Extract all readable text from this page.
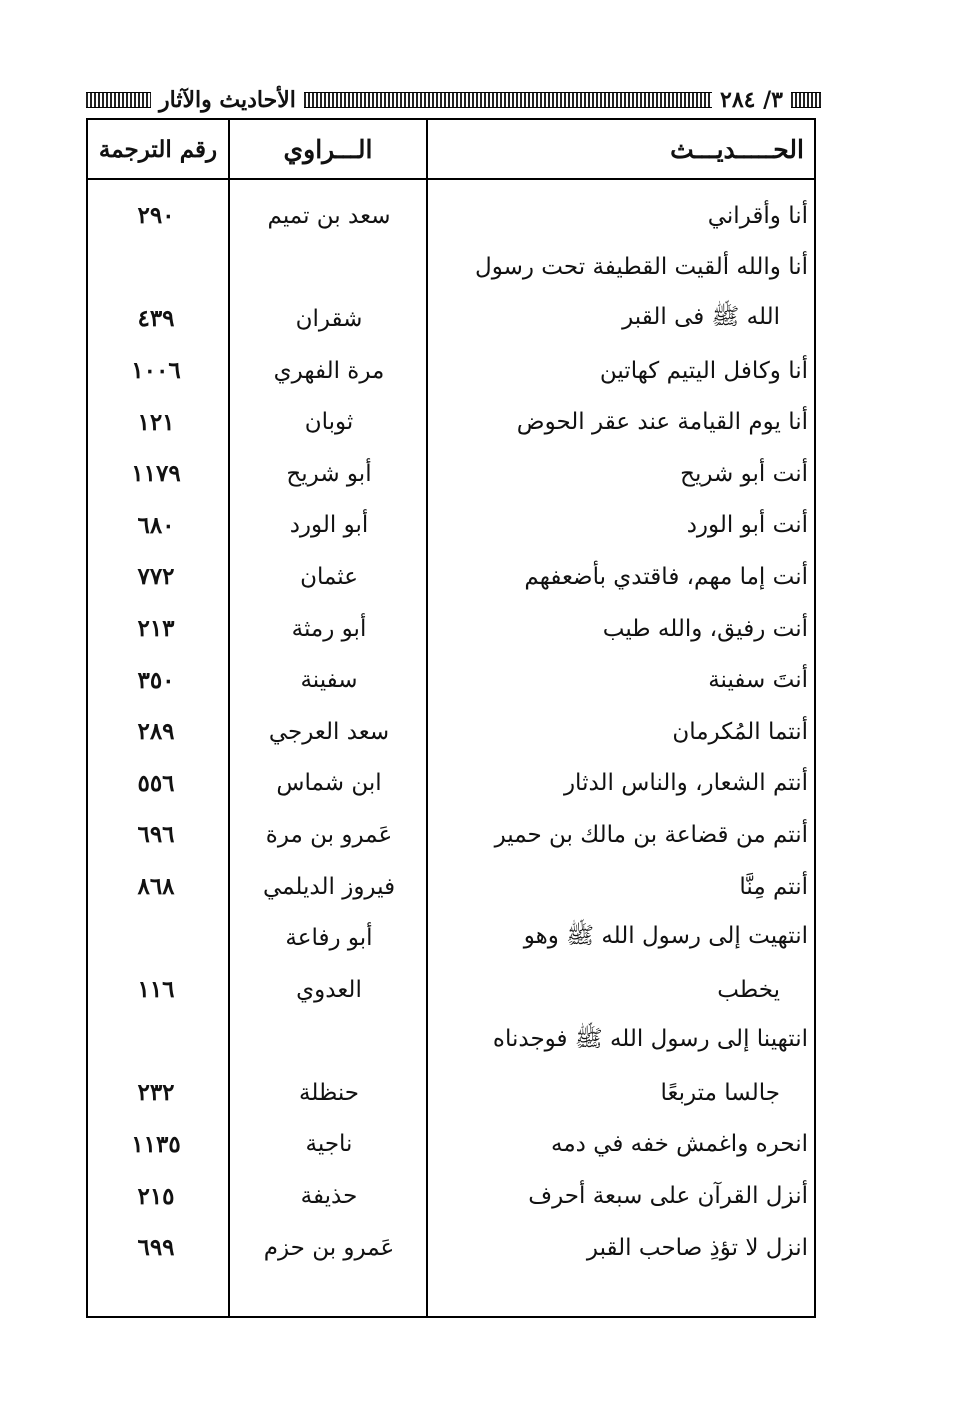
٣/ ٢٨٤
الأحاديث والآثار
الحـــــديـــث
الـــراوي
رقم الترجمة
أنا وأقراني
سعد بن تميم
٢٩٠
أنا والله ألقيت القطيفة تحت رسول
الله ﷺ فى القبر
شقران
٤٣٩
أنا وكافل اليتيم كهاتين
مرة الفهري
١٠٠٦
أنا يوم القيامة عند عقر الحوض
ثوبان
١٢١
أنت أبو شريح
أبو شريح
١١٧٩
أنت أبو الورد
أبو الورد
٦٨٠
أنت إما مهم، فاقتدي بأضعفهم
عثمان
٧٧٢
أنت رفيق، والله طيب
أبو رمثة
٢١٣
أنتَ سفينة
سفينة
٣٥٠
أنتما المُكرمان
سعد العرجي
٢٨٩
أنتم الشعار، والناس الدثار
ابن شماس
٥٥٦
أنتم من قضاعة بن مالك بن حمير
عَمرو بن مرة
٦٩٦
أنتم مِنَّا
فيروز الديلمي
٨٦٨
انتهيت إلى رسول الله ﷺ وهو
أبو رفاعة
يخطب
العدوي
١١٦
انتهينا إلى رسول الله ﷺ فوجدناه
جالسا متربعًا
حنظلة
٢٣٢
انحره واغمش خفه في دمه
ناجية
١١٣٥
أنزل القرآن على سبعة أحرف
حذيفة
٢١٥
انزل لا تؤذِ صاحب القبر
عَمرو بن حزم
٦٩٩
